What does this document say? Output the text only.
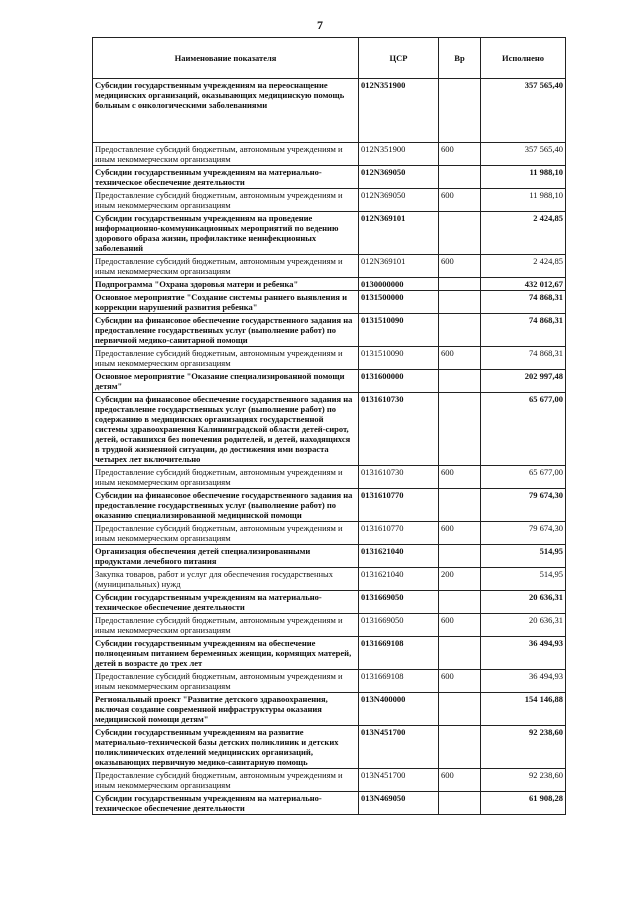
7
Наименование показателя	ЦСР	Вр	Исполнено
Субсидии государственным учреждениям на переоснащение медицинских организаций, оказывающих медицинскую помощь больным с онкологическими заболеваниями	012N351900		357 565,40
Предоставление субсидий бюджетным, автономным учреждениям и иным некоммерческим организациям	012N351900	600	357 565,40
Субсидии государственным учреждениям на материально-техническое обеспечение деятельности	012N369050		11 988,10
Предоставление субсидий бюджетным, автономным учреждениям и иным некоммерческим организациям	012N369050	600	11 988,10
Субсидии государственным учреждениям на проведение информационно-коммуникационных мероприятий по ведению здорового образа жизни, профилактике неинфекционных заболеваний	012N369101		2 424,85
Предоставление субсидий бюджетным, автономным учреждениям и иным некоммерческим организациям	012N369101	600	2 424,85
Подпрограмма "Охрана здоровья матери и ребенка"	0130000000		432 012,67
Основное мероприятие "Создание системы раннего выявления и коррекции нарушений развития ребенка"	0131500000		74 868,31
Субсидии на финансовое обеспечение государственного задания на предоставление государственных услуг (выполнение работ) по первичной медико-санитарной помощи	0131510090		74 868,31
Предоставление субсидий бюджетным, автономным учреждениям и иным некоммерческим организациям	0131510090	600	74 868,31
Основное мероприятие "Оказание специализированной помощи детям"	0131600000		202 997,48
Субсидии на финансовое обеспечение государственного задания на предоставление государственных услуг (выполнение работ) по содержанию в медицинских организациях государственной системы здравоохранения Калининградской области детей-сирот, детей, оставшихся без попечения родителей, и детей, находящихся в трудной жизненной ситуации, до достижения ими возраста четырех лет включительно	0131610730		65 677,00
Предоставление субсидий бюджетным, автономным учреждениям и иным некоммерческим организациям	0131610730	600	65 677,00
Субсидии на финансовое обеспечение государственного задания на предоставление государственных услуг (выполнение работ) по оказанию специализированной медицинской помощи	0131610770		79 674,30
Предоставление субсидий бюджетным, автономным учреждениям и иным некоммерческим организациям	0131610770	600	79 674,30
Организация обеспечения детей специализированными продуктами лечебного питания	0131621040		514,95
Закупка товаров, работ и услуг для обеспечения государственных (муниципальных) нужд	0131621040	200	514,95
Субсидии государственным учреждениям на материально-техническое обеспечение деятельности	0131669050		20 636,31
Предоставление субсидий бюджетным, автономным учреждениям и иным некоммерческим организациям	0131669050	600	20 636,31
Субсидии государственным учреждениям на обеспечение полноценным питанием беременных женщин, кормящих матерей, детей в возрасте до трех лет	0131669108		36 494,93
Предоставление субсидий бюджетным, автономным учреждениям и иным некоммерческим организациям	0131669108	600	36 494,93
Региональный проект "Развитие детского здравоохранения, включая создание современной инфраструктуры оказания медицинской помощи детям"	013N400000		154 146,88
Субсидии государственным учреждениям на развитие материально-технической базы детских поликлиник и детских поликлинических отделений медицинских организаций, оказывающих первичную медико-санитарную помощь	013N451700		92 238,60
Предоставление субсидий бюджетным, автономным учреждениям и иным некоммерческим организациям	013N451700	600	92 238,60
Субсидии государственным учреждениям на материально-техническое обеспечение деятельности	013N469050		61 908,28
